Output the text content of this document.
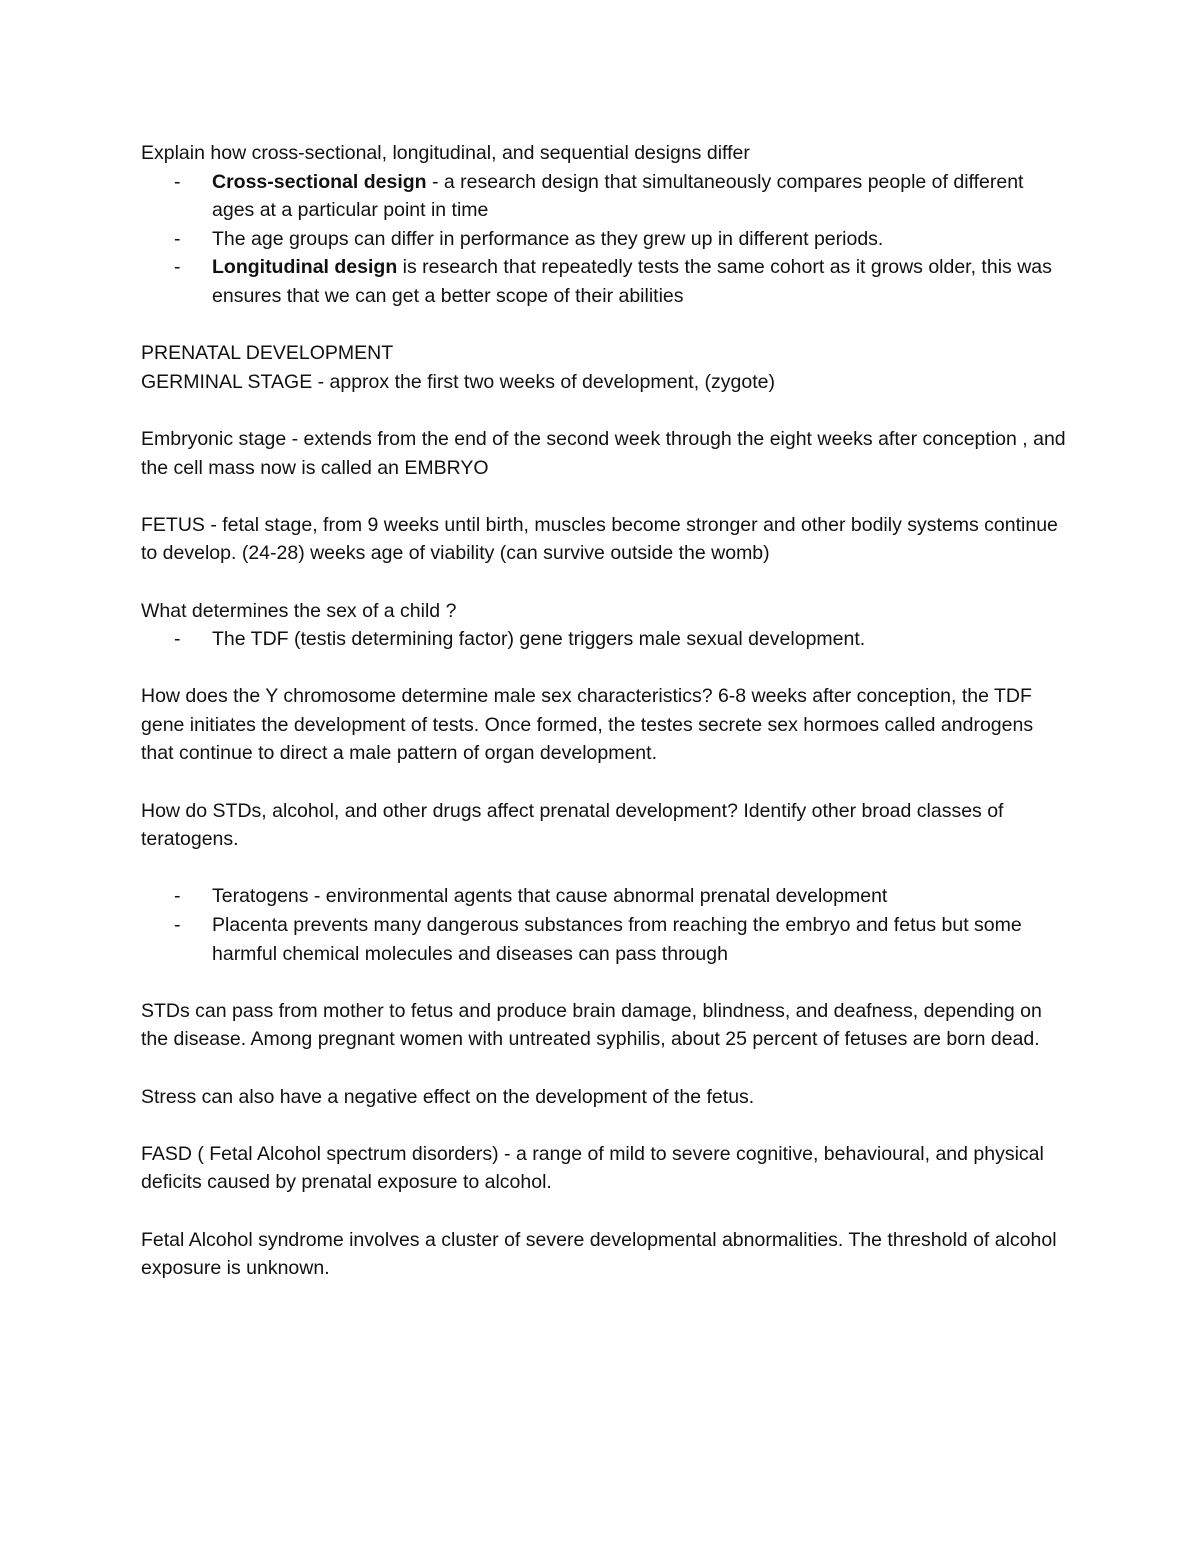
Explain how cross-sectional, longitudinal, and sequential designs differ

- Cross-sectional design - a research design that simultaneously compares people of different ages at a particular point in time
- The age groups can differ in performance as they grew up in different periods.
- Longitudinal design is research that repeatedly tests the same cohort as it grows older, this was ensures that we can get a better scope of their abilities

PRENATAL DEVELOPMENT

GERMINAL STAGE - approx the first two weeks of development, (zygote)

Embryonic stage - extends from the end of the second week through the eight weeks after conception , and the cell mass now is called an EMBRYO

FETUS - fetal stage, from 9 weeks until birth, muscles become stronger and other bodily systems continue to develop. (24-28) weeks age of viability (can survive outside the womb)

What determines the sex of a child ?

- The TDF (testis determining factor) gene triggers male sexual development.

How does the Y chromosome determine male sex characteristics? 6-8 weeks after conception, the TDF gene initiates the development of tests. Once formed, the testes secrete sex hormoes called androgens that continue to direct a male pattern of organ development.

How do STDs, alcohol, and other drugs affect prenatal development? Identify other broad classes of teratogens.

- Teratogens - environmental agents that cause abnormal prenatal development
- Placenta prevents many dangerous substances from reaching the embryo and fetus but some harmful chemical molecules and diseases can pass through

STDs can pass from mother to fetus and produce brain damage, blindness, and deafness, depending on the disease. Among pregnant women with untreated syphilis, about 25 percent of fetuses are born dead.

Stress can also have a negative effect on the development of the fetus.

FASD ( Fetal Alcohol spectrum disorders) - a range of mild to severe cognitive, behavioural, and physical deficits caused by prenatal exposure to alcohol.

Fetal Alcohol syndrome involves a cluster of severe developmental abnormalities. The threshold of alcohol exposure is unknown.
